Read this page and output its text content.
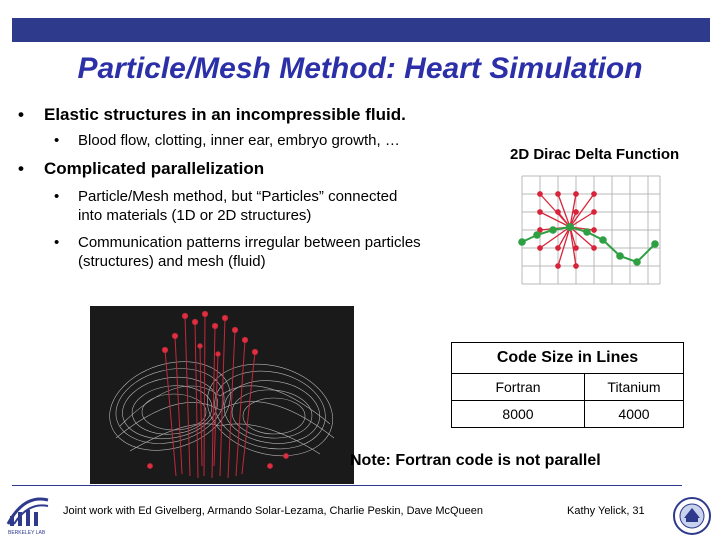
Particle/Mesh Method: Heart Simulation
• Elastic structures in an incompressible fluid.
• Blood flow, clotting, inner ear, embryo growth, …
• Complicated parallelization
• Particle/Mesh method, but “Particles” connected
into materials (1D or 2D structures)
• Communication patterns irregular between particles
(structures) and mesh (fluid)
2D Dirac Delta Function
Code Size in Lines	
Fortran	Titanium
8000	4000
Note: Fortran code is not parallel
BERKELEY LAB
Joint work with Ed Givelberg, Armando Solar-Lezama, Charlie Peskin, Dave McQueen	Kathy Yelick, 31
